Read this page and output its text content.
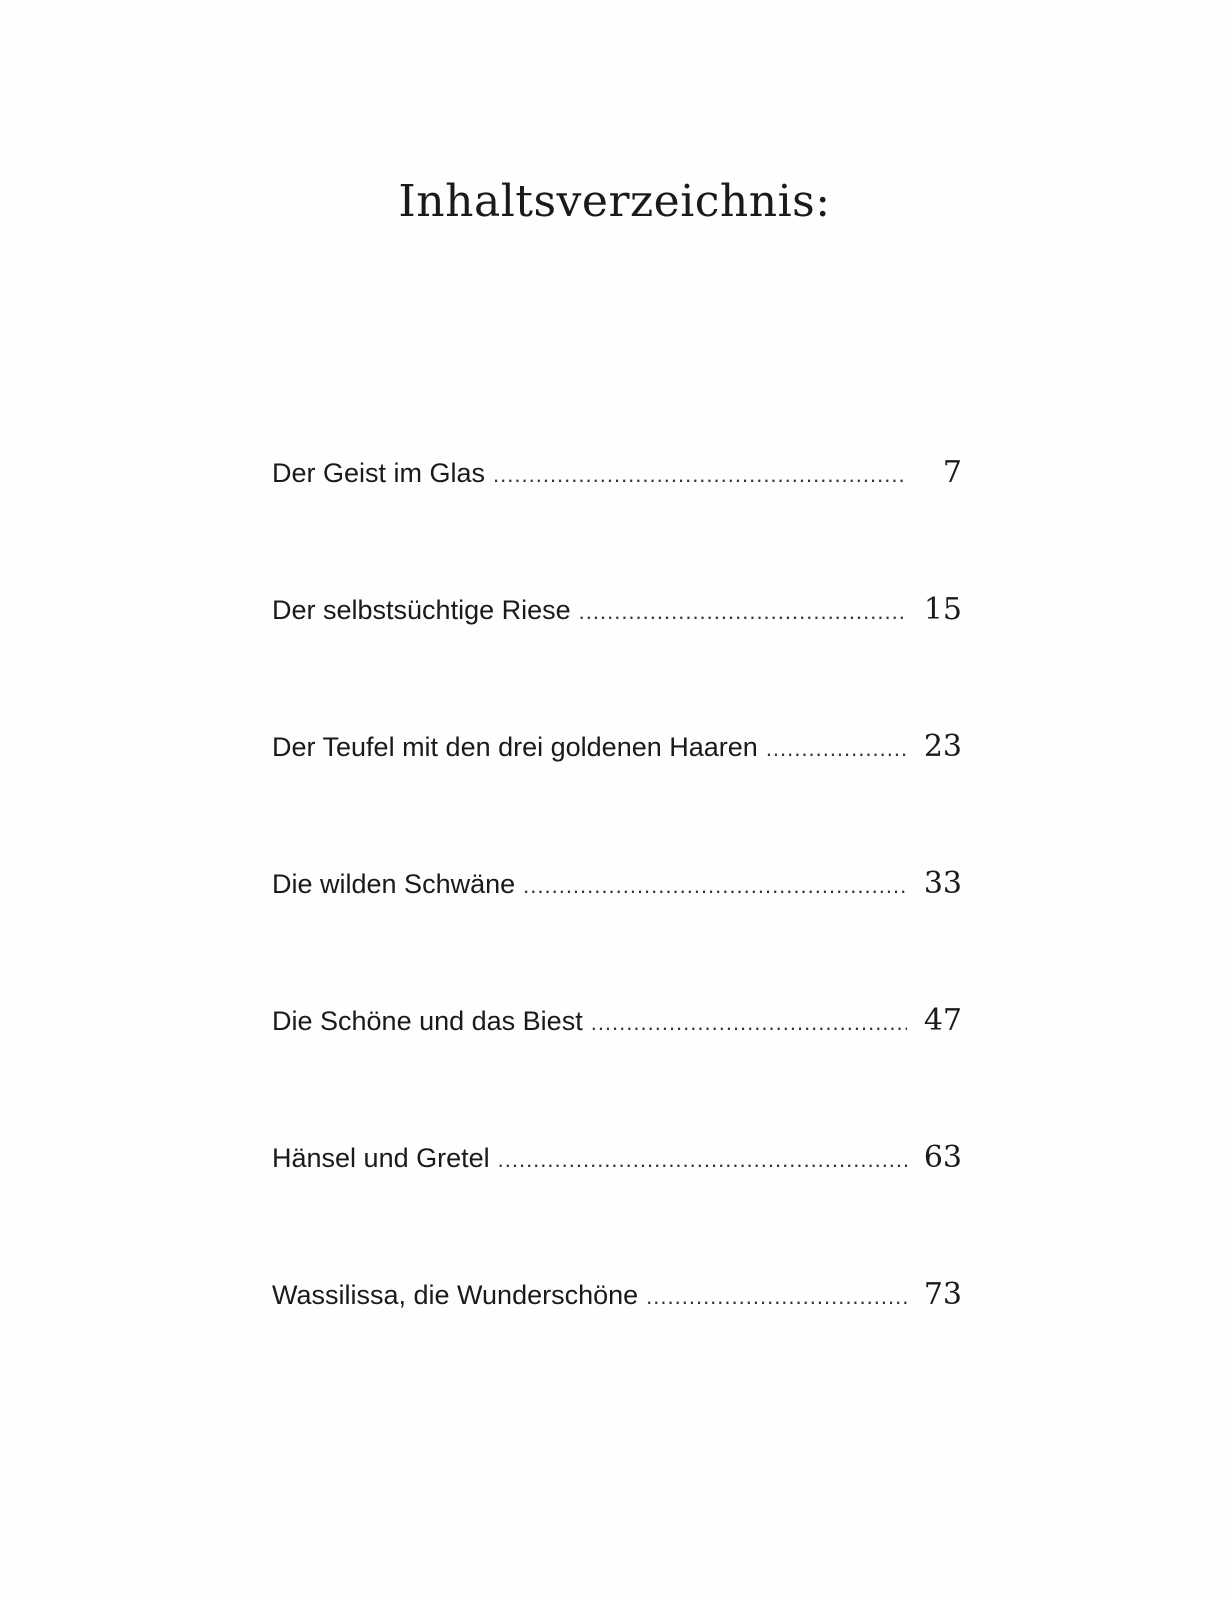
Inhaltsverzeichnis:
Der Geist im Glas .....	7
Der selbstsüchtige Riese .....	15
Der Teufel mit den drei goldenen Haaren .....	23
Die wilden Schwäne .....	33
Die Schöne und das Biest .....	47
Hänsel und Gretel .....	63
Wassilissa, die Wunderschöne .....	73
